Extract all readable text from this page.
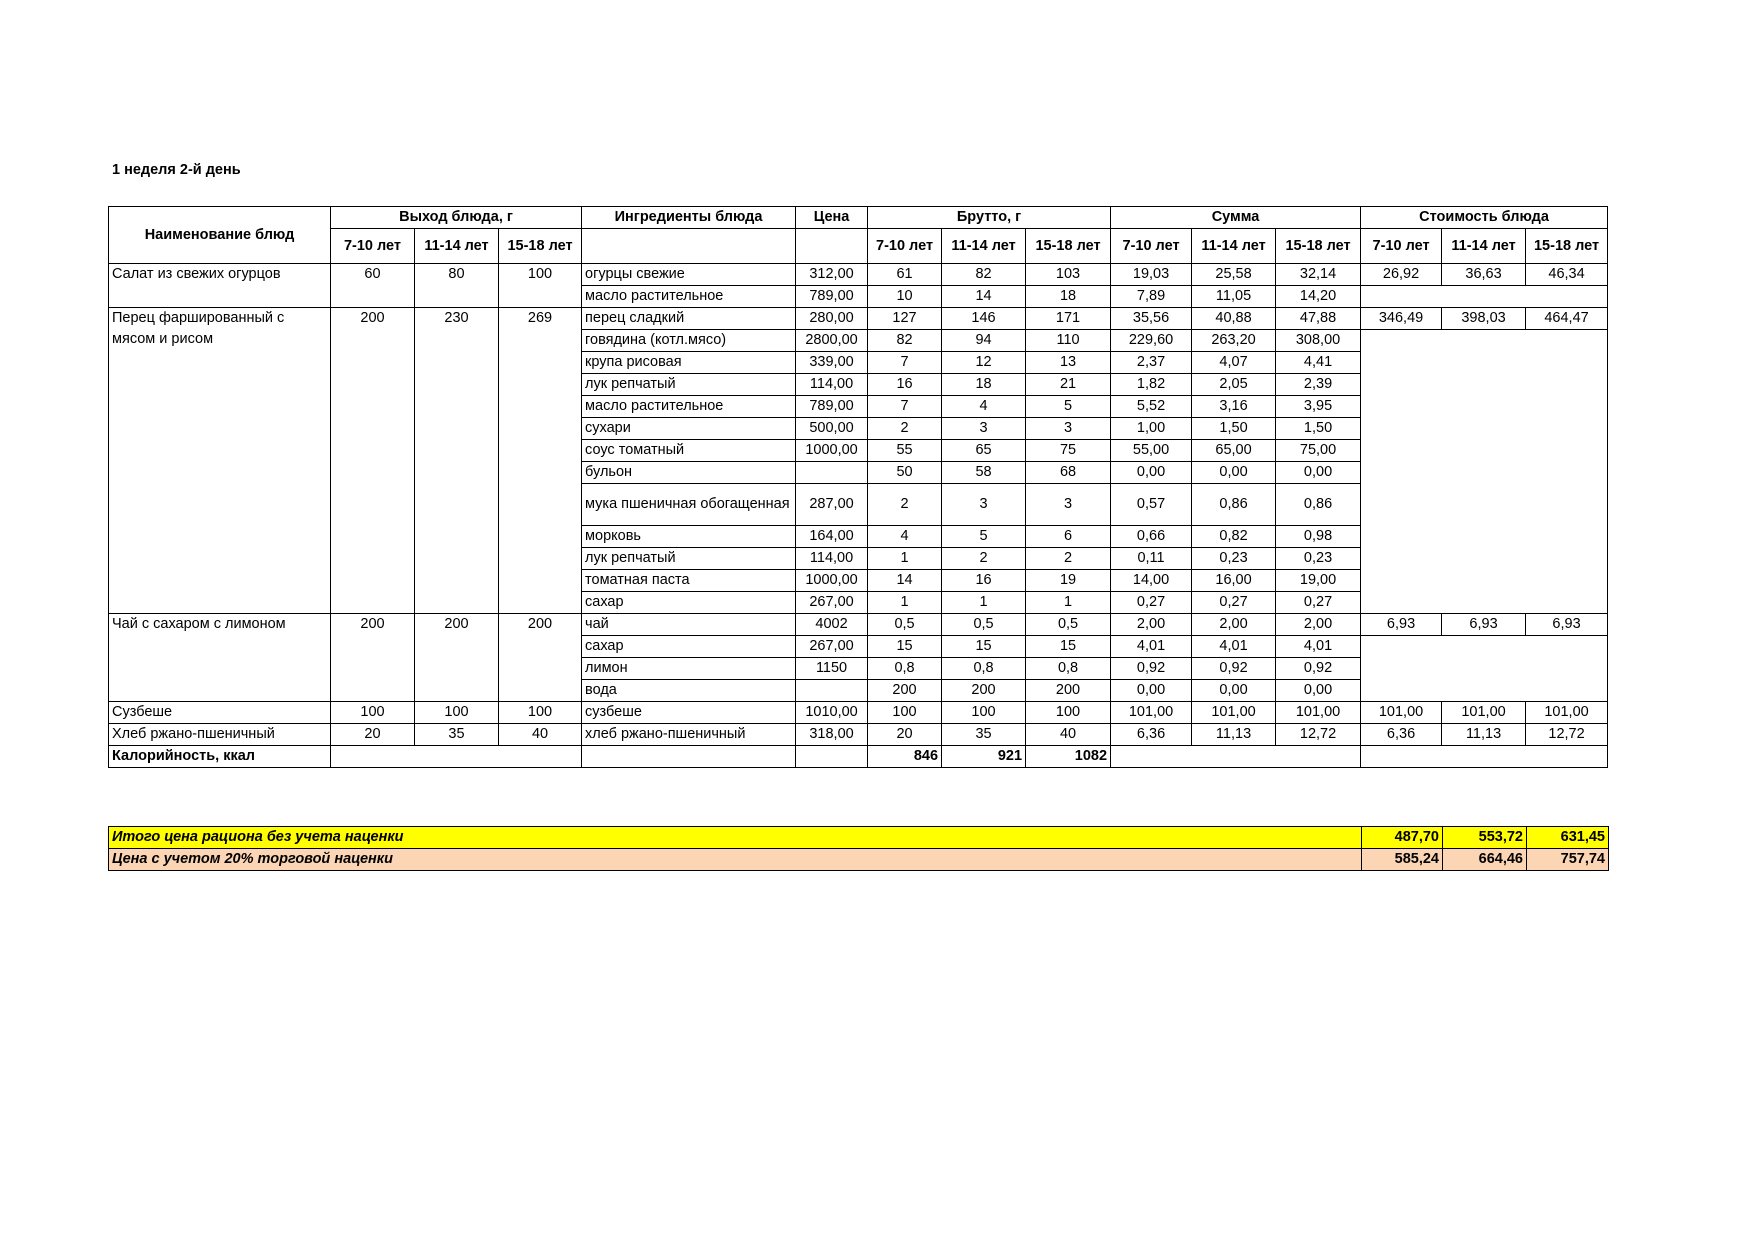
1 неделя 2-й день
Наименование блюд	Выход блюда, г			Ингредиенты блюда	Цена	Брутто, г			Сумма			Стоимость блюда		
	7-10 лет	11-14 лет	15-18 лет			7-10 лет	11-14 лет	15-18 лет	7-10 лет	11-14 лет	15-18 лет	7-10 лет	11-14 лет	15-18 лет
Салат из свежих огурцов	60	80	100	огурцы свежие	312,00	61	82	103	19,03	25,58	32,14	26,92	36,63	46,34
				масло растительное	789,00	10	14	18	7,89	11,05	14,20			
Перец фаршированный с мясом и рисом	200	230	269	перец сладкий	280,00	127	146	171	35,56	40,88	47,88	346,49	398,03	464,47
				говядина (котл.мясо)	2800,00	82	94	110	229,60	263,20	308,00			
				крупа рисовая	339,00	7	12	13	2,37	4,07	4,41			
				лук репчатый	114,00	16	18	21	1,82	2,05	2,39			
				масло растительное	789,00	7	4	5	5,52	3,16	3,95			
				сухари	500,00	2	3	3	1,00	1,50	1,50			
				соус томатный	1000,00	55	65	75	55,00	65,00	75,00			
				бульон		50	58	68	0,00	0,00	0,00			
				мука пшеничная обогащенная	287,00	2	3	3	0,57	0,86	0,86			
				морковь	164,00	4	5	6	0,66	0,82	0,98			
				лук репчатый	114,00	1	2	2	0,11	0,23	0,23			
				томатная паста	1000,00	14	16	19	14,00	16,00	19,00			
				сахар	267,00	1	1	1	0,27	0,27	0,27			
Чай с сахаром с лимоном	200	200	200	чай	4002	0,5	0,5	0,5	2,00	2,00	2,00	6,93	6,93	6,93
				сахар	267,00	15	15	15	4,01	4,01	4,01			
				лимон	1150	0,8	0,8	0,8	0,92	0,92	0,92			
				вода		200	200	200	0,00	0,00	0,00			
Сузбеше	100	100	100	сузбеше	1010,00	100	100	100	101,00	101,00	101,00	101,00	101,00	101,00
Хлеб ржано-пшеничный	20	35	40	хлеб ржано-пшеничный	318,00	20	35	40	6,36	11,13	12,72	6,36	11,13	12,72
Калорийность, ккал						846	921	1082						
Итого цена рациона без учета наценки	487,70	553,72	631,45
Цена с учетом 20% торговой наценки	585,24	664,46	757,74
